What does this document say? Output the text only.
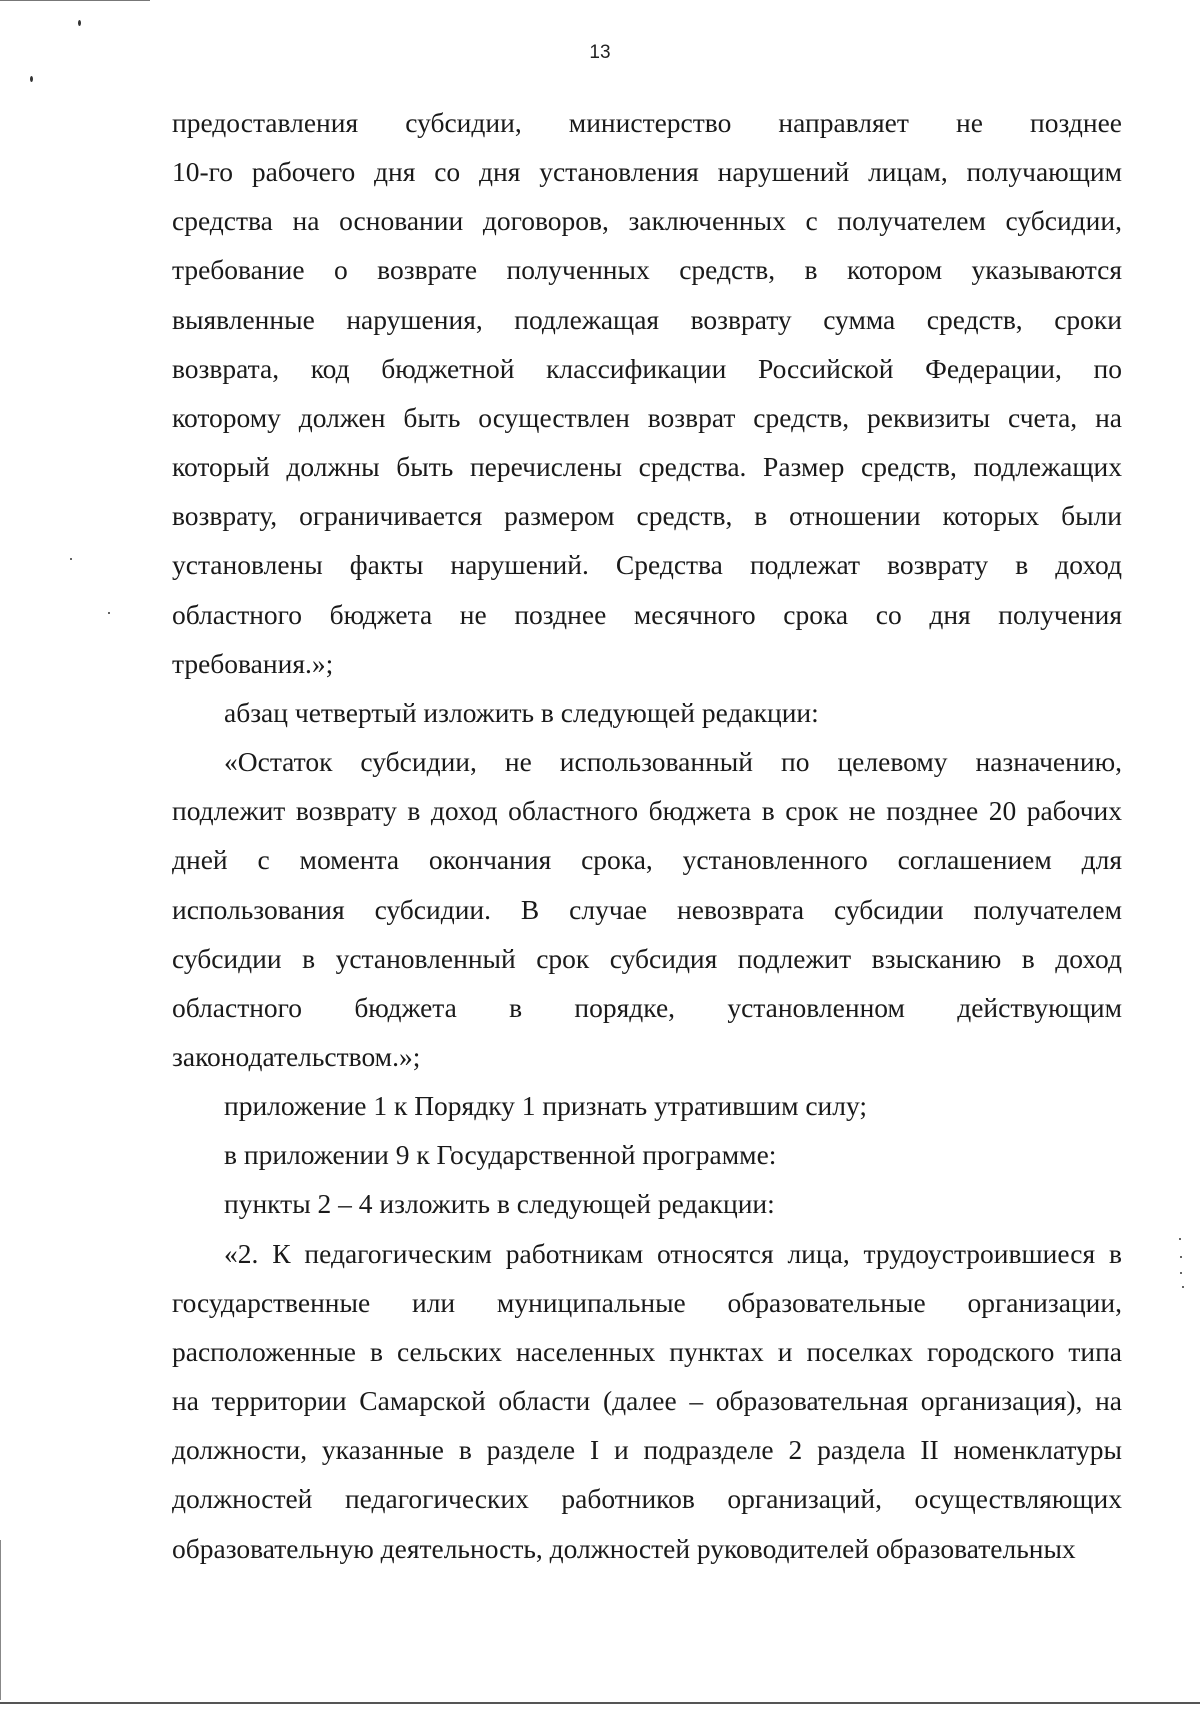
13

предоставления субсидии, министерство направляет не позднее

10-го рабочего дня со дня установления нарушений лицам, получающим

средства на основании договоров, заключенных с получателем субсидии,

требование о возврате полученных средств, в котором указываются

выявленные нарушения, подлежащая возврату сумма средств, сроки

возврата, код бюджетной классификации Российской Федерации, по

которому должен быть осуществлен возврат средств, реквизиты счета, на

который должны быть перечислены средства. Размер средств, подлежащих

возврату, ограничивается размером средств, в отношении которых были

установлены факты нарушений. Средства подлежат возврату в доход

областного бюджета не позднее месячного срока со дня получения

требования.»;

абзац четвертый изложить в следующей редакции:

«Остаток субсидии, не использованный по целевому назначению,

подлежит возврату в доход областного бюджета в срок не позднее 20 рабочих

дней с момента окончания срока, установленного соглашением для

использования субсидии. В случае невозврата субсидии получателем

субсидии в установленный срок субсидия подлежит взысканию в доход

областного бюджета в порядке, установленном действующим

законодательством.»;

приложение 1 к Порядку 1 признать утратившим силу;

в приложении 9 к Государственной программе:

пункты 2 – 4 изложить в следующей редакции:

«2. К педагогическим работникам относятся лица, трудоустроившиеся в

государственные или муниципальные образовательные организации,

расположенные в сельских населенных пунктах и поселках городского типа

на территории Самарской области (далее – образовательная организация), на

должности, указанные в разделе I и подразделе 2 раздела II номенклатуры

должностей педагогических работников организаций, осуществляющих

образовательную деятельность, должностей руководителей образовательных
